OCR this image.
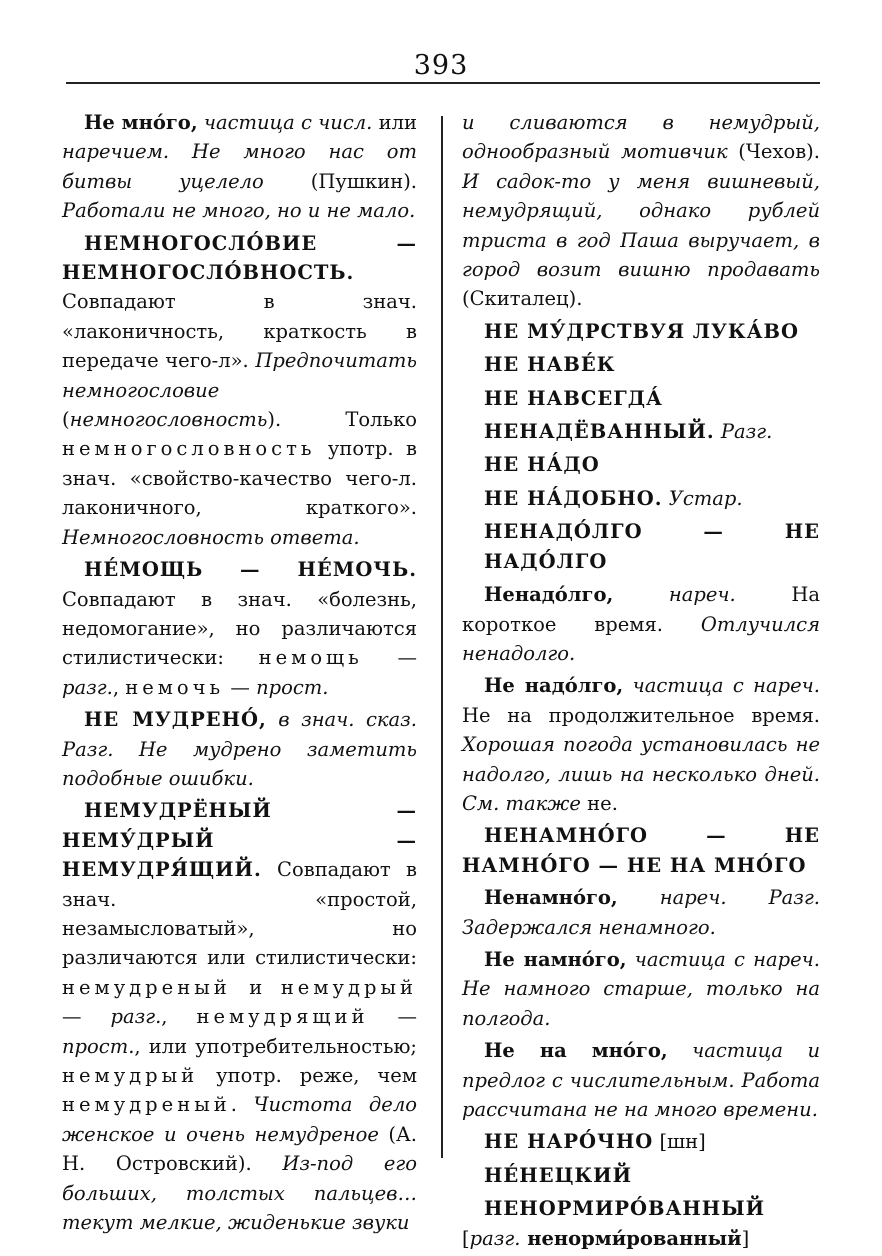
393

Не мно́го, частица с числ. или наречием. Не много нас от битвы уцелело (Пушкин). Работали не много, но и не мало.

НЕМНОГОСЛО́ВИЕ — НЕМНОГОСЛО́ВНОСТЬ. Совпадают в знач. «лаконичность, краткость в передаче чего-л». Предпочитать немногословие (немногословность). Только немногословность употр. в знач. «свойство-качество чего-л. лаконичного, краткого». Немногословность ответа.

НЕ́МОЩЬ — НЕ́МОЧЬ. Совпадают в знач. «болезнь, недомогание», но различаются стилистически: немощь — разг., немочь — прост.

НЕ МУДРЕНО́, в знач. сказ. Разг. Не мудрено заметить подобные ошибки.

НЕМУДРЁНЫЙ — НЕМУ́ДРЫЙ — НЕМУДРЯ́ЩИЙ. Совпадают в знач. «простой, незамысловатый», но различаются или стилистически: немудреный и немудрый — разг., немудрящий — прост., или употребительностью; немудрый употр. реже, чем немудреный. Чистота дело женское и очень немудреное (А. Н. Островский). Из-под его больших, толстых пальцев… текут мелкие, жиденькие звуки

и сливаются в немудрый, однообразный мотивчик (Чехов). И садок-то у меня вишневый, немудрящий, однако рублей триста в год Паша выручает, в город возит вишню продавать (Скиталец).

НЕ МУ́ДРСТВУЯ ЛУКА́ВО

НЕ НАВЕ́К

НЕ НАВСЕГДА́

НЕНАДЁВАННЫЙ. Разг.

НЕ НА́ДО

НЕ НА́ДОБНО. Устар.

НЕНАДО́ЛГО — НЕ НАДО́ЛГО

Ненадо́лго, нареч. На короткое время. Отлучился ненадолго.

Не надо́лго, частица с нареч. Не на продолжительное время. Хорошая погода установилась не надолго, лишь на несколько дней. См. также не.

НЕНАМНО́ГО — НЕ НАМНО́ГО — НЕ НА МНО́ГО

Ненамно́го, нареч. Разг. Задержался ненамного.

Не намно́го, частица с нареч. Не намного старше, только на полгода.

Не на мно́го, частица и предлог с числительным. Работа рассчитана не на много времени.

НЕ НАРО́ЧНО [шн]

НЕ́НЕЦКИЙ

НЕНОРМИРО́ВАННЫЙ [разг. ненорми́рованный]
